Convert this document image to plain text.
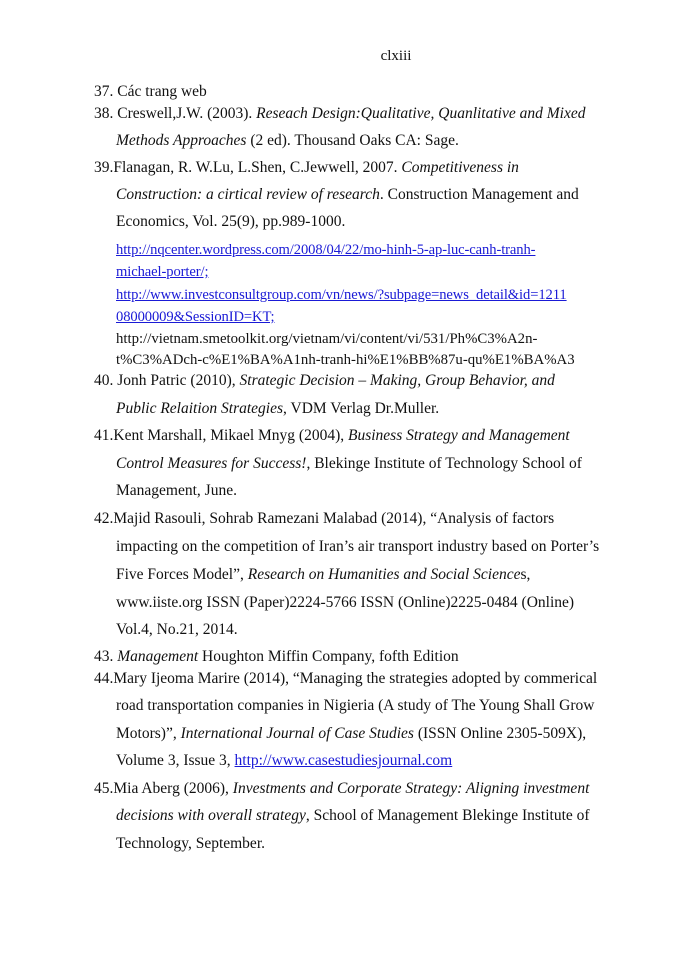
clxiii
37. Các trang web
38. Creswell,J.W. (2003). Reseach Design:Qualitative, Quanlitative and Mixed
Methods Approaches (2 ed). Thousand Oaks CA: Sage.
39.Flanagan, R. W.Lu, L.Shen, C.Jewwell, 2007. Competitiveness in
Construction: a cirtical review of research. Construction Management and
Economics, Vol. 25(9), pp.989-1000.
http://nqcenter.wordpress.com/2008/04/22/mo-hinh-5-ap-luc-canh-tranh-
michael-porter/;
http://www.investconsultgroup.com/vn/news/?subpage=news_detail&id=1211
08000009&SessionID=KT;
http://vietnam.smetoolkit.org/vietnam/vi/content/vi/531/Ph%C3%A2n-
t%C3%ADch-c%E1%BA%A1nh-tranh-hi%E1%BB%87u-qu%E1%BA%A3
40. Jonh Patric (2010), Strategic Decision – Making, Group Behavior, and
Public Relaition Strategies, VDM Verlag Dr.Muller.
41.Kent Marshall, Mikael Mnyg (2004), Business Strategy and Management
Control Measures for Success!, Blekinge Institute of Technology School of
Management, June.
42.Majid Rasouli, Sohrab Ramezani Malabad (2014), “Analysis of factors
impacting on the competition of Iran’s air transport industry based on Porter’s
Five Forces Model”, Research on Humanities and Social Sciences,
www.iiste.org ISSN (Paper)2224-5766 ISSN (Online)2225-0484 (Online)
Vol.4, No.21, 2014.
43. Management Houghton Miffin Company, fofth Edition
44.Mary Ijeoma Marire (2014), “Managing the strategies adopted by commerical
road transportation companies in Nigieria (A study of The Young Shall Grow
Motors)”, International Journal of Case Studies (ISSN Online 2305-509X),
Volume 3, Issue 3, http://www.casestudiesjournal.com
45.Mia Aberg (2006), Investments and Corporate Strategy: Aligning investment
decisions with overall strategy, School of Management Blekinge Institute of
Technology, September.
